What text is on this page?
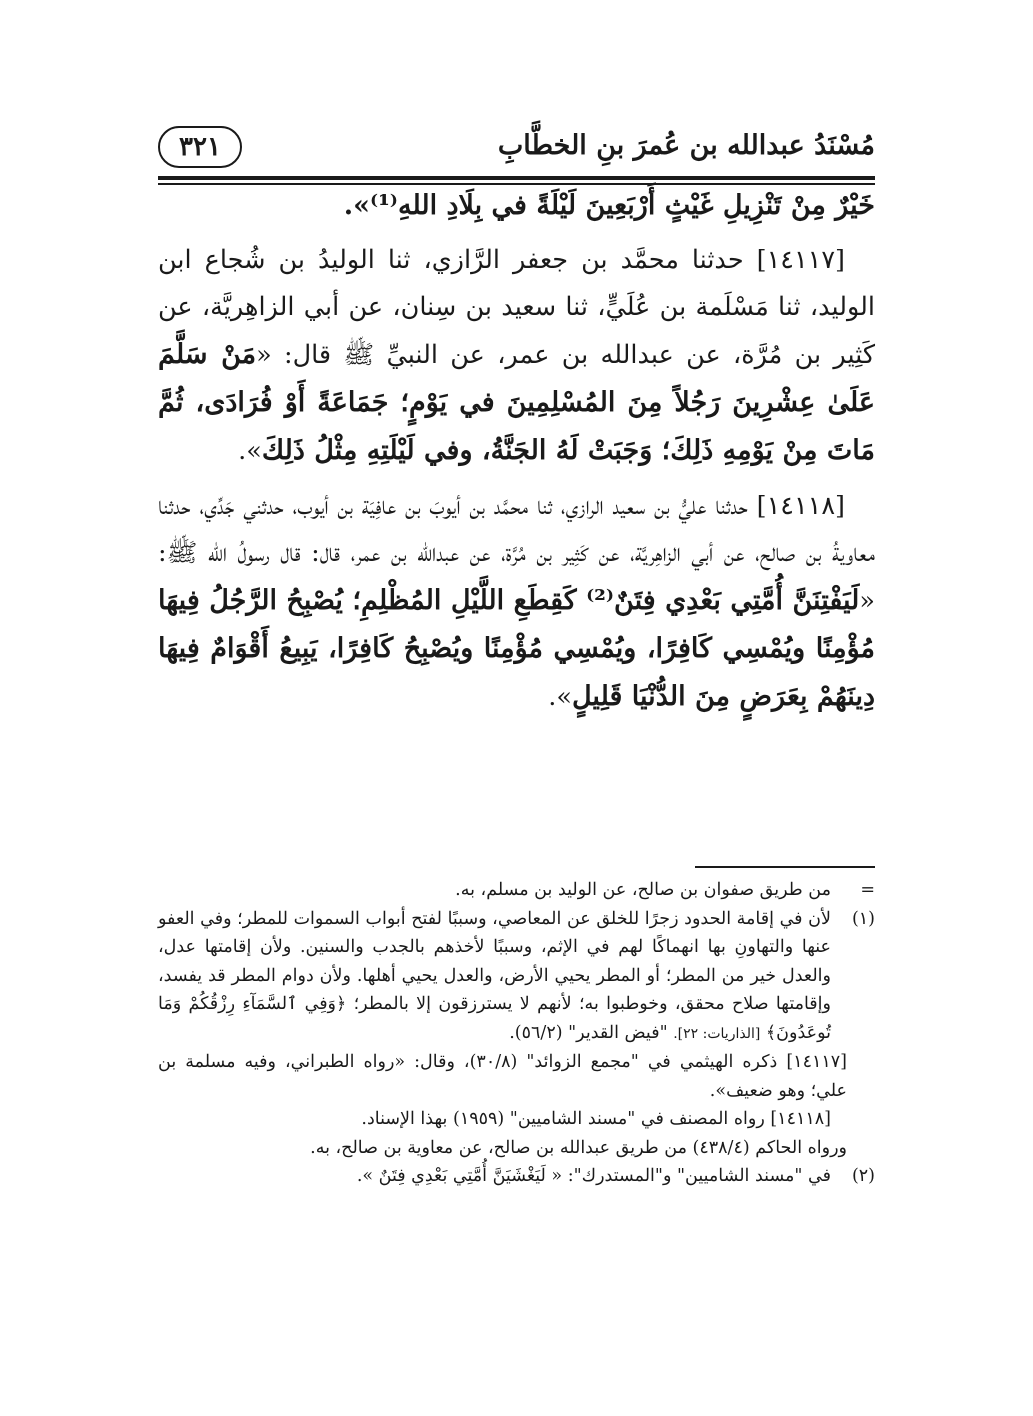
مُسْنَدُ عبدالله بن عُمرَ بنِ الخطَّابِ
٣٢١

خَيْرٌ مِنْ تَنْزِيلِ غَيْثٍ أَرْبَعِينَ لَيْلَةً في بِلَادِ اللهِ⁽¹⁾».

[١٤١١٧] حدثنا محمَّد بن جعفر الرَّازي، ثنا الوليدُ بن شُجاع ابن الوليد، ثنا مَسْلَمة بن عُلَيٍّ، ثنا سعيد بن سِنان، عن أبي الزاهِريَّة، عن كَثِير بن مُرَّة، عن عبدالله بن عمر، عن النبيِّ ﷺ قال: «مَنْ سَلَّمَ عَلَىٰ عِشْرِينَ رَجُلاً مِنَ المُسْلِمِينَ في يَوْمٍ؛ جَمَاعَةً أَوْ فُرَادَى، ثُمَّ مَاتَ مِنْ يَوْمِهِ ذَلِكَ؛ وَجَبَتْ لَهُ الجَنَّةُ، وفي لَيْلَتِهِ مِثْلُ ذَلِكَ».

[١٤١١٨] حدثنا عليُّ بن سعيد الرازي، ثنا محمَّد بن أيوبَ بن عافِيَة بن أيوب، حدثني جَدِّي، حدثنا معاويةُ بن صالح، عن أبي الزاهِريَّة، عن كَثِير بن مُرَّة، عن عبدالله بن عمر، قال: قال رسولُ الله ﷺ: «لَيَفْتِنَنَّ أُمَّتِي بَعْدِي فِتَنٌ⁽²⁾ كَقِطَعِ اللَّيْلِ المُظْلِمِ؛ يُصْبِحُ الرَّجُلُ فِيهَا مُؤْمِنًا ويُمْسِي كَافِرًا، ويُمْسِي مُؤْمِنًا ويُصْبِحُ كَافِرًا، يَبِيعُ أَقْوَامٌ فِيهَا دِينَهُمْ بِعَرَضٍ مِنَ الدُّنْيَا قَلِيلٍ».

=
من طريق صفوان بن صالح، عن الوليد بن مسلم، به.

(١)
لأن في إقامة الحدود زجرًا للخلق عن المعاصي، وسببًا لفتح أبواب السموات للمطر؛ وفي العفو عنها والتهاونِ بها انهماكًا لهم في الإثم، وسببًا لأخذهم بالجدب والسنين. ولأن إقامتها عدل، والعدل خير من المطر؛ أو المطر يحيي الأرض، والعدل يحيي أهلها. ولأن دوام المطر قد يفسد، وإقامتها صلاح محقق، وخوطبوا به؛ لأنهم لا يسترزقون إلا بالمطر؛ ﴿وَفِي ٱلسَّمَآءِ رِزْقُكُمْ وَمَا تُوعَدُونَ﴾ [الذاريات: ٢٢]. "فيض القدير" (٥٦/٢).

[١٤١١٧] ذكره الهيثمي في "مجمع الزوائد" (٣٠/٨)، وقال: «رواه الطبراني، وفيه مسلمة بن علي؛ وهو ضعيف».

[١٤١١٨] رواه المصنف في "مسند الشاميين" (١٩٥٩) بهذا الإسناد.

ورواه الحاكم (٤٣٨/٤) من طريق عبدالله بن صالح، عن معاوية بن صالح، به.

(٢)
في "مسند الشاميين" و"المستدرك": « لَيَغْشَيَنَّ أُمَّتِي بَعْدِي فِتَنٌ ».
